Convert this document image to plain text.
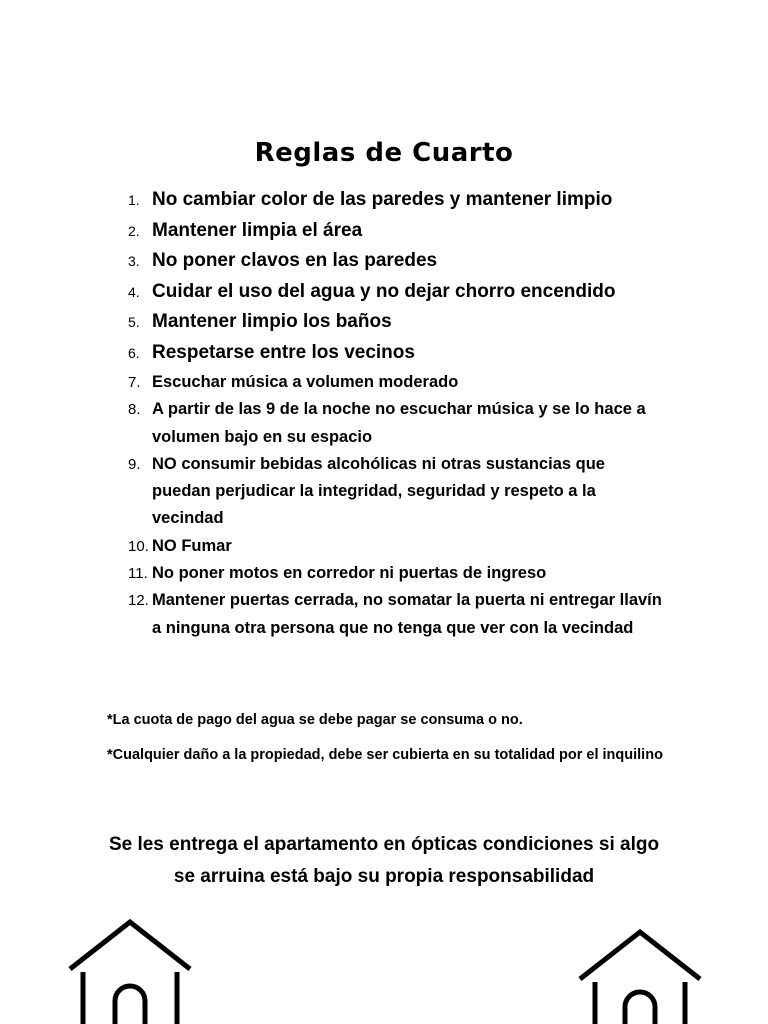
Reglas de Cuarto
1. No cambiar color de las paredes y mantener limpio
2. Mantener limpia el área
3. No poner clavos en las paredes
4. Cuidar el uso del agua y no dejar chorro encendido
5. Mantener limpio los baños
6. Respetarse entre los vecinos
7. Escuchar música a volumen moderado
8. A partir de las 9 de la noche no escuchar música y se lo hace a volumen bajo en su espacio
9. NO consumir bebidas alcohólicas ni otras sustancias que puedan perjudicar la integridad, seguridad y respeto a la vecindad
10. NO Fumar
11. No poner motos en corredor ni puertas de ingreso
12. Mantener puertas cerrada, no somatar la puerta ni entregar llavín a ninguna otra persona que no tenga que ver con la vecindad
*La cuota de pago del agua se debe pagar se consuma o no.
*Cualquier daño a la propiedad, debe ser cubierta en su totalidad por el inquilino
Se les entrega el apartamento en ópticas condiciones si algo se arruina está bajo su propia responsabilidad
